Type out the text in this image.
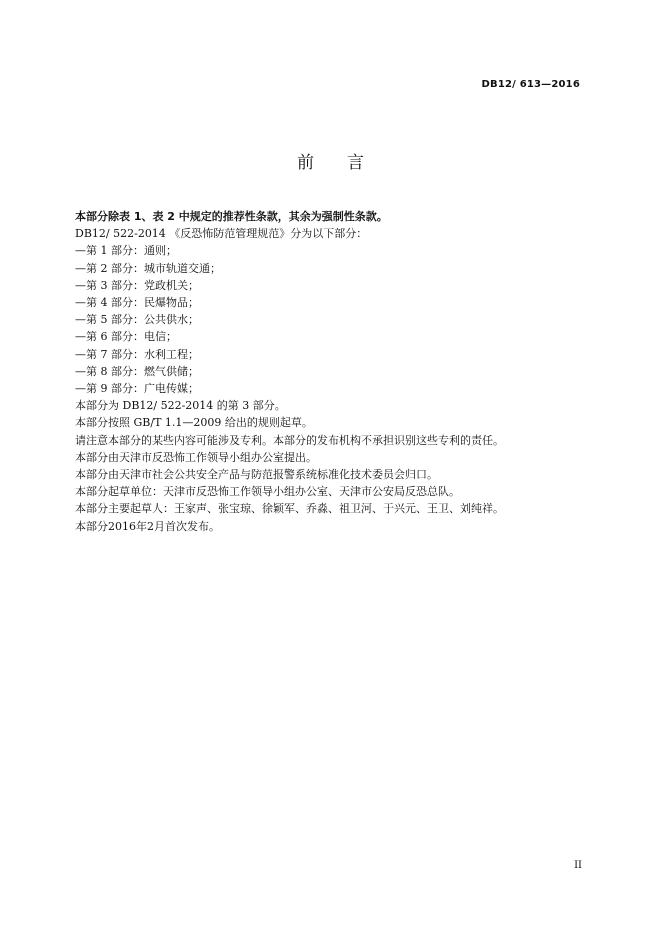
DB12/ 613—2016
前 言
本部分除表 1、表 2 中规定的推荐性条款，其余为强制性条款。
DB12/ 522-2014 《反恐怖防范管理规范》分为以下部分：
—第 1 部分：通则；
—第 2 部分：城市轨道交通；
—第 3 部分：党政机关；
—第 4 部分：民爆物品；
—第 5 部分：公共供水；
—第 6 部分：电信；
—第 7 部分：水利工程；
—第 8 部分：燃气供储；
—第 9 部分：广电传媒；
本部分为 DB12/ 522-2014 的第 3 部分。
本部分按照 GB/T 1.1—2009 给出的规则起草。
请注意本部分的某些内容可能涉及专利。本部分的发布机构不承担识别这些专利的责任。
本部分由天津市反恐怖工作领导小组办公室提出。
本部分由天津市社会公共安全产品与防范报警系统标准化技术委员会归口。
本部分起草单位：天津市反恐怖工作领导小组办公室、天津市公安局反恐总队。
本部分主要起草人：王家声、张宝琼、徐颖军、乔淼、祖卫河、于兴元、王卫、刘纯祥。
本部分2016年2月首次发布。
II
